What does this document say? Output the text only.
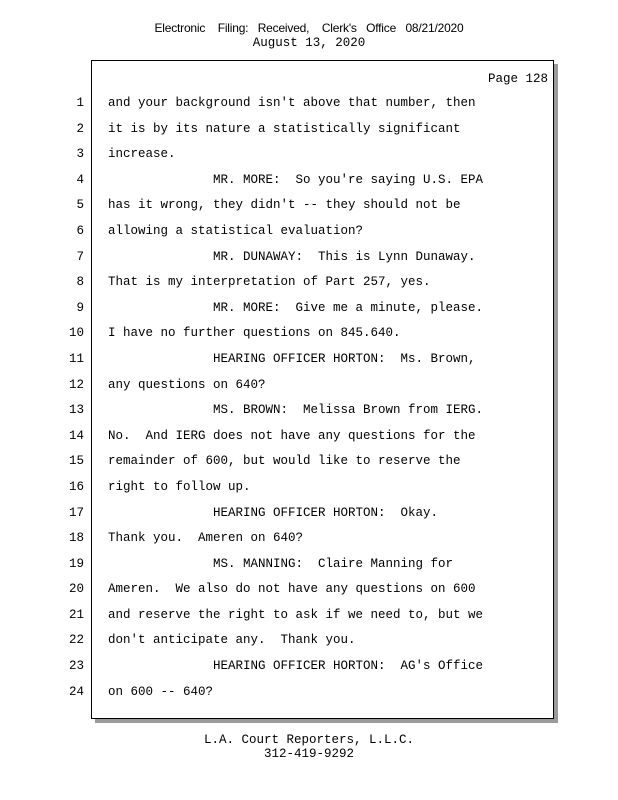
Electronic    Filing:   Received,    Clerk's   Office   08/21/2020
August 13, 2020
Page 128
1 and your background isn't above that number, then
2 it is by its nature a statistically significant
3 increase.
4 MR. MORE:  So you're saying U.S. EPA
5 has it wrong, they didn't -- they should not be
6 allowing a statistical evaluation?
7 MR. DUNAWAY:  This is Lynn Dunaway.
8 That is my interpretation of Part 257, yes.
9 MR. MORE:  Give me a minute, please.
10 I have no further questions on 845.640.
11 HEARING OFFICER HORTON:  Ms. Brown,
12 any questions on 640?
13 MS. BROWN:  Melissa Brown from IERG.
14 No.  And IERG does not have any questions for the
15 remainder of 600, but would like to reserve the
16 right to follow up.
17 HEARING OFFICER HORTON:  Okay.
18 Thank you.  Ameren on 640?
19 MS. MANNING:  Claire Manning for
20 Ameren.  We also do not have any questions on 600
21 and reserve the right to ask if we need to, but we
22 don't anticipate any.  Thank you.
23 HEARING OFFICER HORTON:  AG's Office
24 on 600 -- 640?
L.A. Court Reporters, L.L.C.
312-419-9292
